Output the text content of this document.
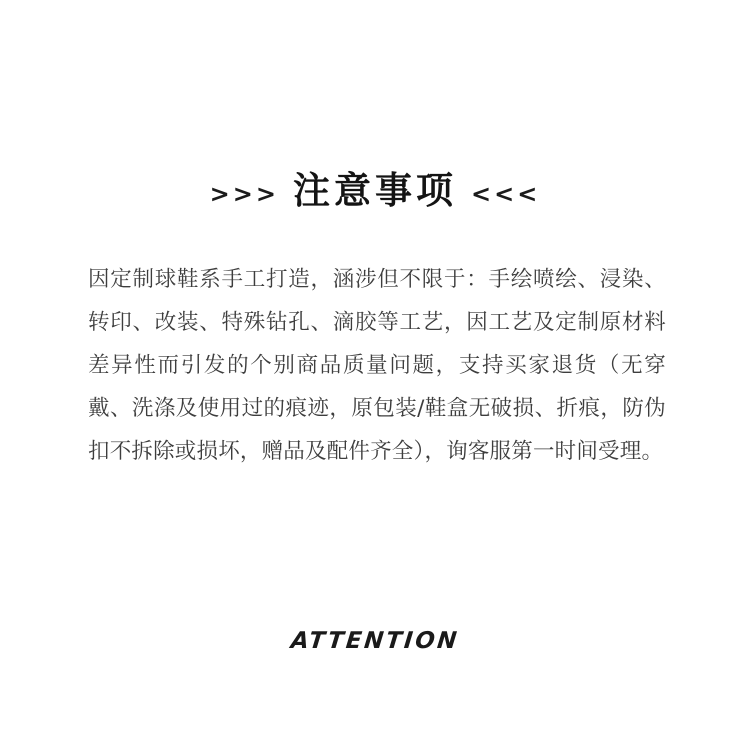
>>> 注意事项 <<<
因定制球鞋系手工打造，涵涉但不限于：手绘喷绘、浸染、转印、改装、特殊钻孔、滴胶等工艺，因工艺及定制原材料差异性而引发的个别商品质量问题，支持买家退货（无穿戴、洗涤及使用过的痕迹，原包装/鞋盒无破损、折痕，防伪扣不拆除或损坏，赠品及配件齐全），询客服第一时间受理。
ATTENTION
